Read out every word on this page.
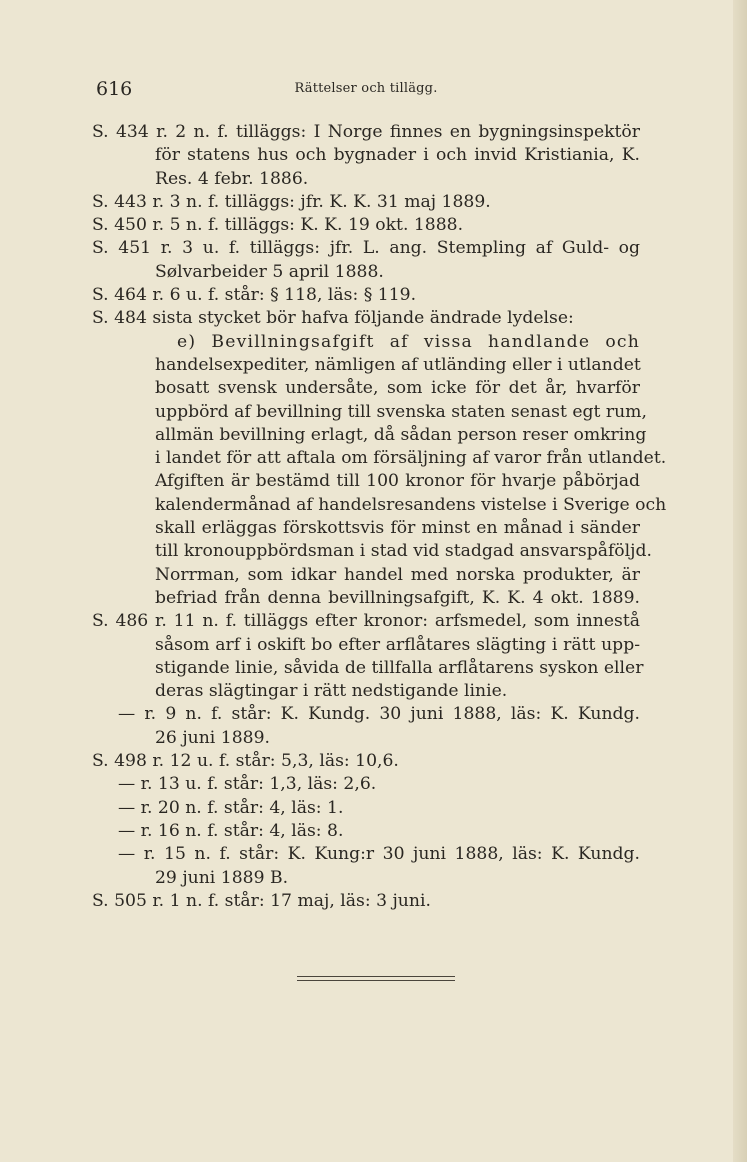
616	Rättelser och tillägg.
S. 434 r. 2 n. f. tilläggs: I Norge finnes en bygningsinspektör
för statens hus och bygnader i och invid Kristiania, K.
Res. 4 febr. 1886.
S. 443 r. 3 n. f. tilläggs: jfr. K. K. 31 maj 1889.
S. 450 r. 5 n. f. tilläggs: K. K. 19 okt. 1888.
S. 451 r. 3 u. f. tilläggs: jfr. L. ang. Stempling af Guld- og
Sølvarbeider 5 april 1888.
S. 464 r. 6 u. f. står: § 118, läs: § 119.
S. 484 sista stycket bör hafva följande ändrade lydelse:
e) Bevillningsafgift af vissa handlande och
handelsexpediter, nämligen af utländing eller i utlandet
bosatt svensk undersåte, som icke för det år, hvarför
uppbörd af bevillning till svenska staten senast egt rum,
allmän bevillning erlagt, då sådan person reser omkring
i landet för att aftala om försäljning af varor från utlandet.
Afgiften är bestämd till 100 kronor för hvarje påbörjad
kalendermånad af handelsresandens vistelse i Sverige och
skall erläggas förskottsvis för minst en månad i sänder
till kronouppbördsman i stad vid stadgad ansvarspåföljd.
Norrman, som idkar handel med norska produkter, är
befriad från denna bevillningsafgift, K. K. 4 okt. 1889.
S. 486 r. 11 n. f. tilläggs efter kronor: arfsmedel, som innestå
såsom arf i oskift bo efter arflåtares slägting i rätt upp-
stigande linie, såvida de tillfalla arflåtarens syskon eller
deras slägtingar i rätt nedstigande linie.
— r. 9 n. f. står: K. Kundg. 30 juni 1888, läs: K. Kundg.
26 juni 1889.
S. 498 r. 12 u. f. står: 5,3, läs: 10,6.
— r. 13 u. f. står: 1,3, läs: 2,6.
— r. 20 n. f. står: 4, läs: 1.
— r. 16 n. f. står: 4, läs: 8.
— r. 15 n. f. står: K. Kung:r 30 juni 1888, läs: K. Kundg.
29 juni 1889 B.
S. 505 r. 1 n. f. står: 17 maj, läs: 3 juni.
